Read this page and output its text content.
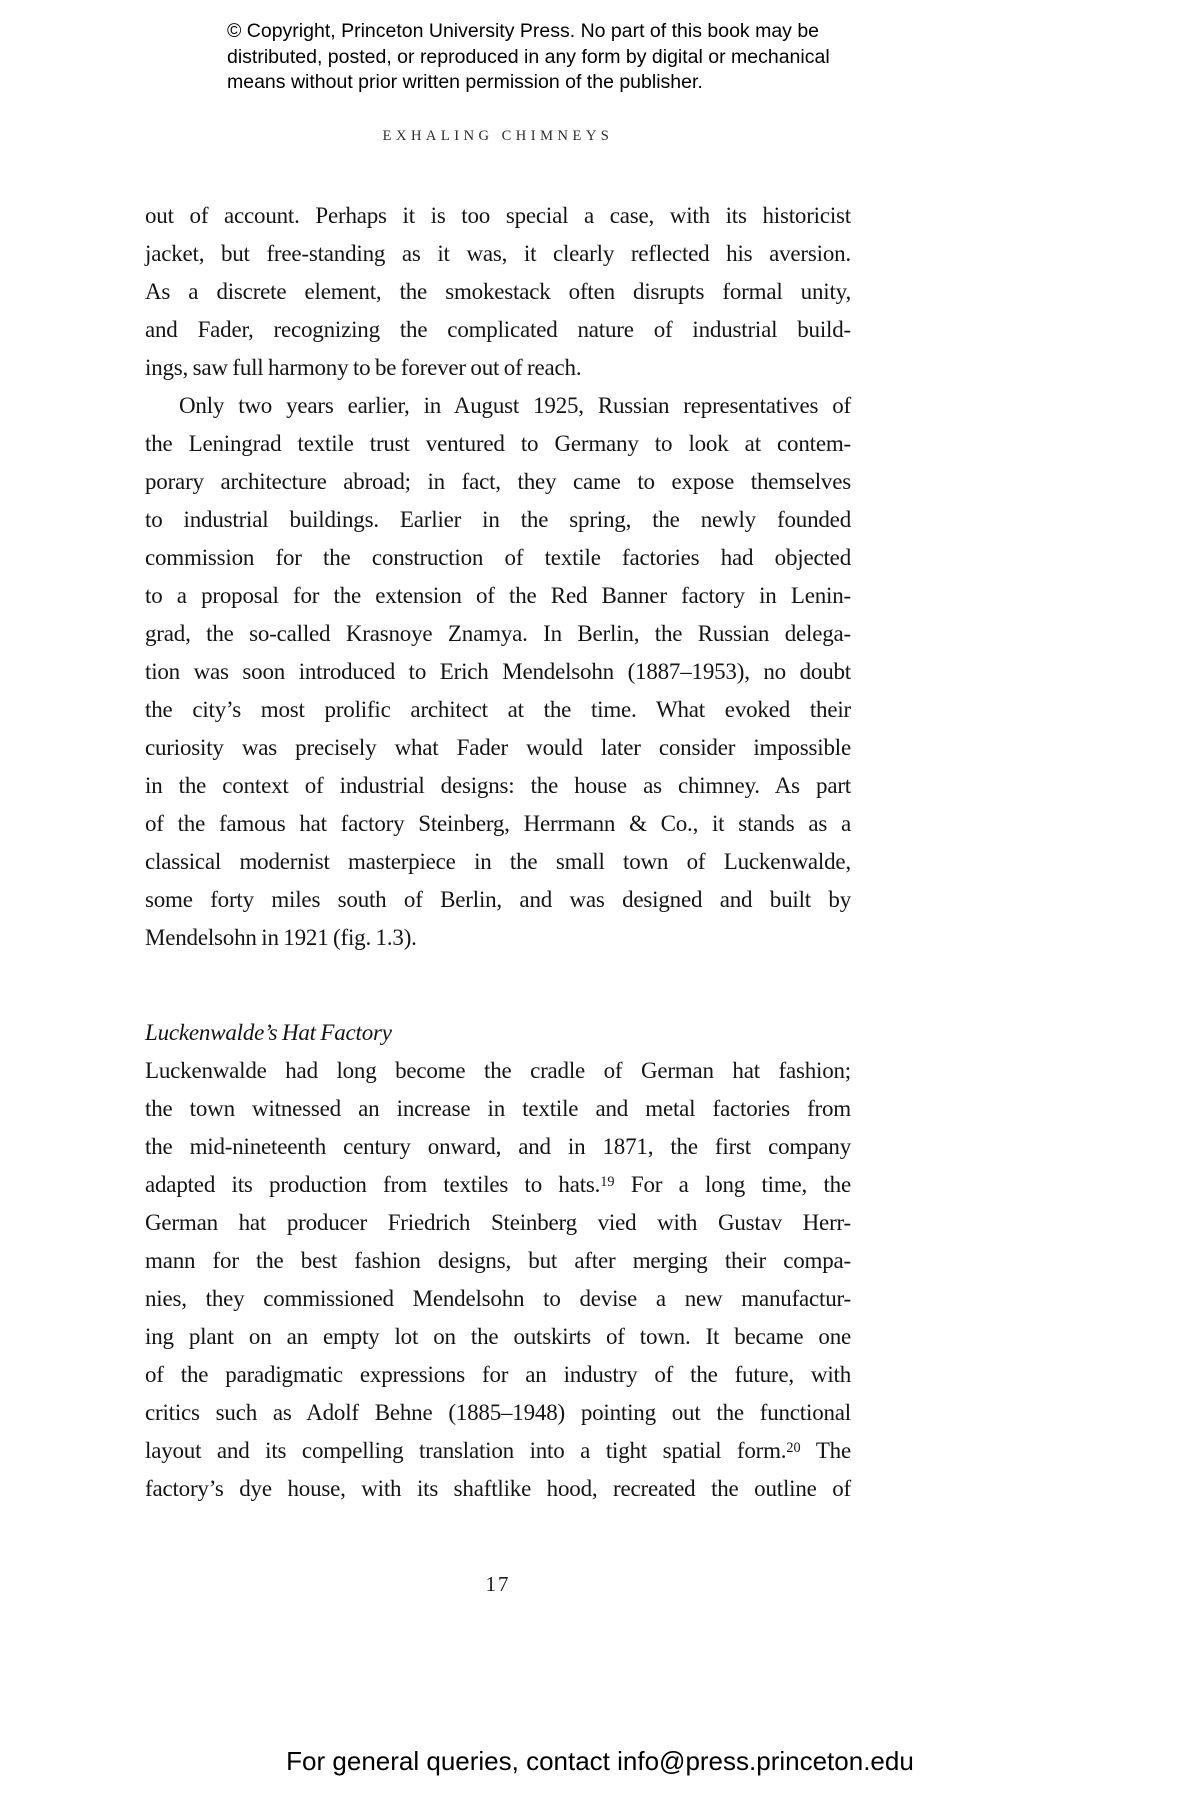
© Copyright, Princeton University Press. No part of this book may be
distributed, posted, or reproduced in any form by digital or mechanical
means without prior written permission of the publisher.
EXHALING CHIMNEYS
out of account. Perhaps it is too special a case, with its historicist
jacket, but free-standing as it was, it clearly reflected his aversion.
As a discrete element, the smokestack often disrupts formal unity,
and Fader, recognizing the complicated nature of industrial build-
ings, saw full harmony to be forever out of reach.
Only two years earlier, in August 1925, Russian representatives of
the Leningrad textile trust ventured to Germany to look at contem-
porary architecture abroad; in fact, they came to expose themselves
to industrial buildings. Earlier in the spring, the newly founded
commission for the construction of textile factories had objected
to a proposal for the extension of the Red Banner factory in Lenin-
grad, the so-called Krasnoye Znamya. In Berlin, the Russian delega-
tion was soon introduced to Erich Mendelsohn (1887–1953), no doubt
the city’s most prolific architect at the time. What evoked their
curiosity was precisely what Fader would later consider impossible
in the context of industrial designs: the house as chimney. As part
of the famous hat factory Steinberg, Herrmann & Co., it stands as a
classical modernist masterpiece in the small town of Luckenwalde,
some forty miles south of Berlin, and was designed and built by
Mendelsohn in 1921 (fig. 1.3).
Luckenwalde’s Hat Factory
Luckenwalde had long become the cradle of German hat fashion;
the town witnessed an increase in textile and metal factories from
the mid-nineteenth century onward, and in 1871, the first company
adapted its production from textiles to hats.$^{19}$ For a long time, the
German hat producer Friedrich Steinberg vied with Gustav Herr-
mann for the best fashion designs, but after merging their compa-
nies, they commissioned Mendelsohn to devise a new manufactur-
ing plant on an empty lot on the outskirts of town. It became one
of the paradigmatic expressions for an industry of the future, with
critics such as Adolf Behne (1885–1948) pointing out the functional
layout and its compelling translation into a tight spatial form.$^{20}$ The
factory’s dye house, with its shaftlike hood, recreated the outline of
17
For general queries, contact info@press.princeton.edu
